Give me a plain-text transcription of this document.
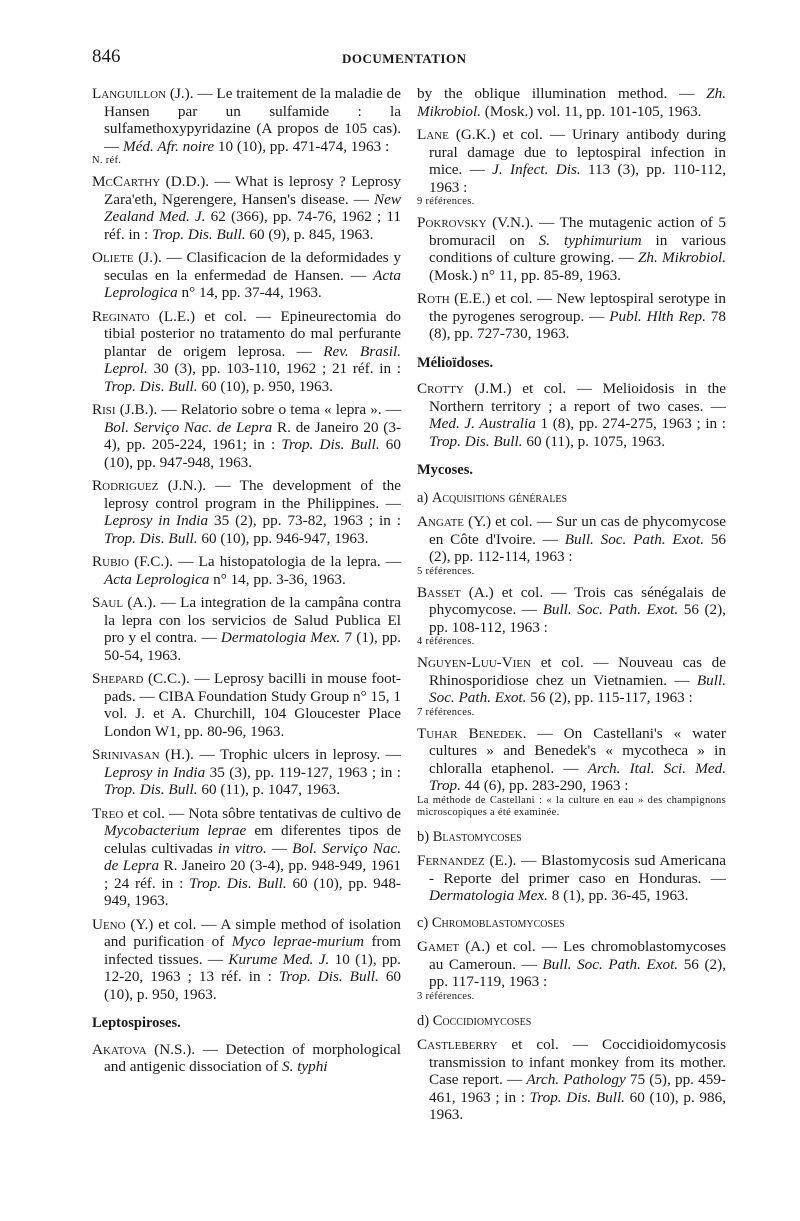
846	DOCUMENTATION

Languillon (J.). — Le traitement de la maladie de Hansen par un sulfamide : la sulfamethoxypyridazine (A propos de 105 cas). — Méd. Afr. noire 10 (10), pp. 471-474, 1963 :
N. réf.

McCarthy (D.D.). — What is leprosy ? Leprosy Zara'eth, Ngerengere, Hansen's disease. — New Zealand Med. J. 62 (366), pp. 74-76, 1962 ; 11 réf. in : Trop. Dis. Bull. 60 (9), p. 845, 1963.

Oliete (J.). — Clasificacion de la deformidades y seculas en la enfermedad de Hansen. — Acta Leprologica n° 14, pp. 37-44, 1963.

Reginato (L.E.) et col. — Epineurectomia do tibial posterior no tratamento do mal perfurante plantar de origem leprosa. — Rev. Brasil. Leprol. 30 (3), pp. 103-110, 1962 ; 21 réf. in : Trop. Dis. Bull. 60 (10), p. 950, 1963.

Risi (J.B.). — Relatorio sobre o tema « lepra ». — Bol. Serviço Nac. de Lepra R. de Janeiro 20 (3-4), pp. 205-224, 1961; in : Trop. Dis. Bull. 60 (10), pp. 947-948, 1963.

Rodriguez (J.N.). — The development of the leprosy control program in the Philippines. — Leprosy in India 35 (2), pp. 73-82, 1963 ; in : Trop. Dis. Bull. 60 (10), pp. 946-947, 1963.

Rubio (F.C.). — La histopatologia de la lepra. — Acta Leprologica n° 14, pp. 3-36, 1963.

Saul (A.). — La integration de la campâna contra la lepra con los servicios de Salud Publica El pro y el contra. — Dermatologia Mex. 7 (1), pp. 50-54, 1963.

Shepard (C.C.). — Leprosy bacilli in mouse foot-pads. — CIBA Foundation Study Group n° 15, 1 vol. J. et A. Churchill, 104 Gloucester Place London W1, pp. 80-96, 1963.

Srinivasan (H.). — Trophic ulcers in leprosy. — Leprosy in India 35 (3), pp. 119-127, 1963 ; in : Trop. Dis. Bull. 60 (11), p. 1047, 1963.

Treo et col. — Nota sôbre tentativas de cultivo de Mycobacterium leprae em diferentes tipos de celulas cultivadas in vitro. — Bol. Serviço Nac. de Lepra R. Janeiro 20 (3-4), pp. 948-949, 1961 ; 24 réf. in : Trop. Dis. Bull. 60 (10), pp. 948-949, 1963.

Ueno (Y.) et col. — A simple method of isolation and purification of Myco leprae-murium from infected tissues. — Kurume Med. J. 10 (1), pp. 12-20, 1963 ; 13 réf. in : Trop. Dis. Bull. 60 (10), p. 950, 1963.

Leptospiroses.

Akatova (N.S.). — Detection of morphological and antigenic dissociation of S. typhi

by the oblique illumination method. — Zh. Mikrobiol. (Mosk.) vol. 11, pp. 101-105, 1963.

Lane (G.K.) et col. — Urinary antibody during rural damage due to leptospiral infection in mice. — J. Infect. Dis. 113 (3), pp. 110-112, 1963 :
9 références.

Pokrovsky (V.N.). — The mutagenic action of 5 bromuracil on S. typhimurium in various conditions of culture growing. — Zh. Mikrobiol. (Mosk.) n° 11, pp. 85-89, 1963.

Roth (E.E.) et col. — New leptospiral serotype in the pyrogenes serogroup. — Publ. Hlth Rep. 78 (8), pp. 727-730, 1963.

Mélioïdoses.

Crotty (J.M.) et col. — Melioidosis in the Northern territory ; a report of two cases. — Med. J. Australia 1 (8), pp. 274-275, 1963 ; in : Trop. Dis. Bull. 60 (11), p. 1075, 1963.

Mycoses.
a) Acquisitions générales

Angate (Y.) et col. — Sur un cas de phycomycose en Côte d'Ivoire. — Bull. Soc. Path. Exot. 56 (2), pp. 112-114, 1963 :
5 références.

Basset (A.) et col. — Trois cas sénégalais de phycomycose. — Bull. Soc. Path. Exot. 56 (2), pp. 108-112, 1963 :
4 références.

Nguyen-Luu-Vien et col. — Nouveau cas de Rhinosporidiose chez un Vietnamien. — Bull. Soc. Path. Exot. 56 (2), pp. 115-117, 1963 :
7 références.

Tuhar Benedek. — On Castellani's « water cultures » and Benedek's « mycotheca » in chloralla etaphenol. — Arch. Ital. Sci. Med. Trop. 44 (6), pp. 283-290, 1963 :
La méthode de Castellani : « la culture en eau » des champignons microscopiques a été examinée.

b) Blastomycoses

Fernandez (E.). — Blastomycosis sud Americana - Reporte del primer caso en Honduras. — Dermatologia Mex. 8 (1), pp. 36-45, 1963.

c) Chromoblastomycoses

Gamet (A.) et col. — Les chromoblastomycoses au Cameroun. — Bull. Soc. Path. Exot. 56 (2), pp. 117-119, 1963 :
3 références.

d) Coccidiomycoses

Castleberry et col. — Coccidioidomycosis transmission to infant monkey from its mother. Case report. — Arch. Pathology 75 (5), pp. 459-461, 1963 ; in : Trop. Dis. Bull. 60 (10), p. 986, 1963.
